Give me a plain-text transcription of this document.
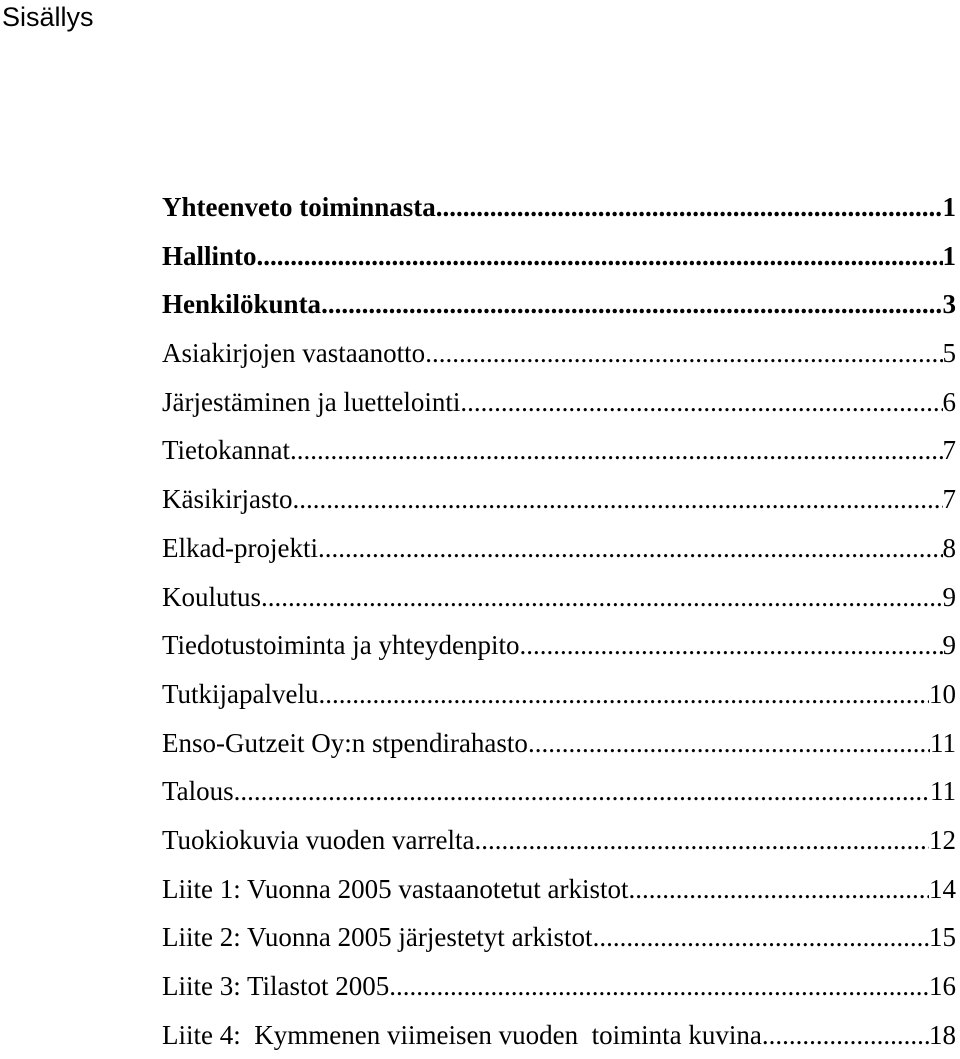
Sisällys
Yhteenveto toiminnasta .....	1
Hallinto .....	1
Henkilökunta .....	3
Asiakirjojen vastaanotto .....	5
Järjestäminen ja luettelointi .....	6
Tietokannat .....	7
Käsikirjasto .....	7
Elkad-projekti .....	8
Koulutus .....	9
Tiedotustoiminta ja yhteydenpito .....	9
Tutkijapalvelu .....	10
Enso-Gutzeit Oy:n stpendirahasto .....	11
Talous .....	11
Tuokiokuvia vuoden varrelta .....	12
Liite 1: Vuonna 2005 vastaanotetut arkistot .....	14
Liite 2: Vuonna 2005 järjestetyt arkistot .....	15
Liite 3: Tilastot 2005 .....	16
Liite 4:  Kymmenen viimeisen vuoden  toiminta kuvina .....	18
